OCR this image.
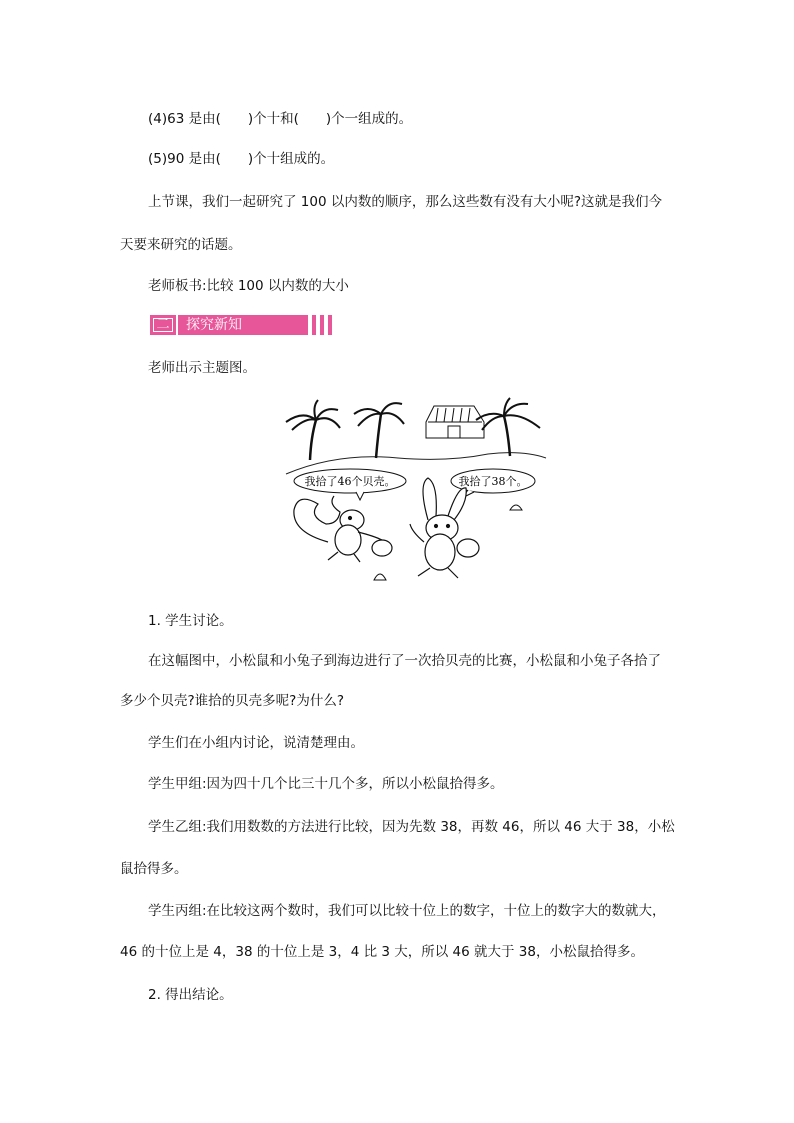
(4)63 是由(　　)个十和(　　)个一组成的。
(5)90 是由(　　)个十组成的。
上节课，我们一起研究了 100 以内数的顺序，那么这些数有没有大小呢?这就是我们今
天要来研究的话题。
老师板书:比较 100 以内数的大小
二	探究新知
老师出示主题图。
我拾了46个贝壳。	我拾了38个。
1. 学生讨论。
在这幅图中，小松鼠和小兔子到海边进行了一次拾贝壳的比赛，小松鼠和小兔子各拾了
多少个贝壳?谁拾的贝壳多呢?为什么?
学生们在小组内讨论，说清楚理由。
学生甲组:因为四十几个比三十几个多，所以小松鼠拾得多。
学生乙组:我们用数数的方法进行比较，因为先数 38，再数 46，所以 46 大于 38，小松
鼠拾得多。
学生丙组:在比较这两个数时，我们可以比较十位上的数字，十位上的数字大的数就大，
46 的十位上是 4，38 的十位上是 3，4 比 3 大，所以 46 就大于 38，小松鼠拾得多。
2. 得出结论。
